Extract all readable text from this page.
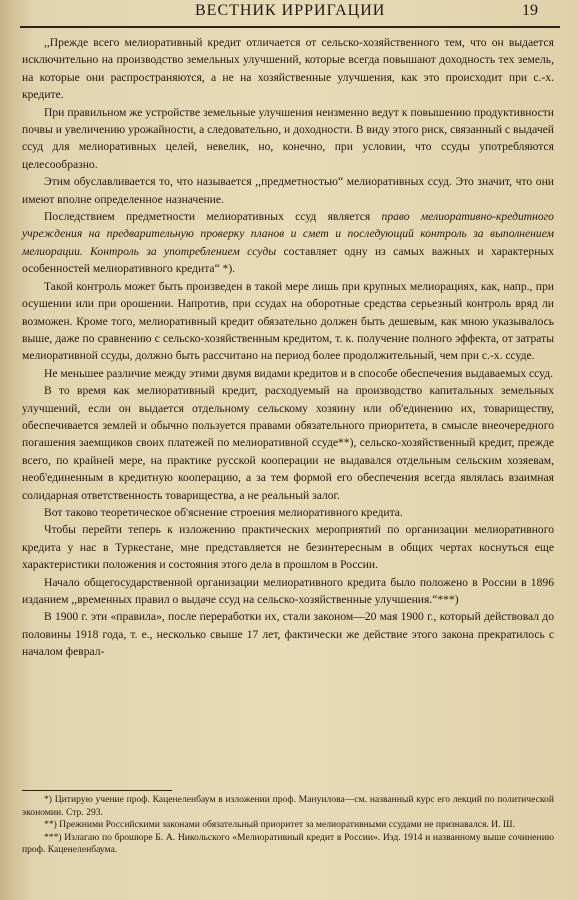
ВЕСТНИК ИРРИГАЦИИ	19

,,Прежде всего мелиоративный кредит отличается от сельско-хозяйственного тем, что он выдается исключительно на производство земельных улучшений, которые всегда повышают доходность тех земель, на которые они распространяются, а не на хозяйственные улучшения, как это происходит при с.-х. кредите.

При правильном же устройстве земельные улучшения неизменно ведут к повышению продуктивности почвы и увеличению урожайности, а следовательно, и доходности. В виду этого риск, связанный с выдачей ссуд для мелиоративных целей, невелик, но, конечно, при условии, что ссуды употребляются целесообразно.

Этим обуславливается то, что называется ,,предметностью“ мелиоративных ссуд. Это значит, что они имеют вполне определенное назначение.

Последствием предметности мелиоративных ссуд является право мелиоративно-кредитного учреждения на предварительную проверку планов и смет и последующий контроль за выполнением мелиорации. Контроль за употреблением ссуды составляет одну из самых важных и характерных особенностей мелиоративного кредита“ *).

Такой контроль может быть произведен в такой мере лишь при крупных мелиорациях, как, напр., при осушении или при орошении. Напротив, при ссудах на оборотные средства серьезный контроль вряд ли возможен. Кроме того, мелиоративный кредит обязательно должен быть дешевым, как мною указывалось выше, даже по сравнению с сельско-хозяйственным кредитом, т. к. получение полного эффекта, от затраты мелиоративной ссуды, должно быть рассчитано на период более продолжительный, чем при с.-х. ссуде.

Не меньшее различие между этими двумя видами кредитов и в способе обеспечения выдаваемых ссуд.

В то время как мелиоративный кредит, расходуемый на производство капитальных земельных улучшений, если он выдается отдельному сельскому хозяину или об'единению их, товариществу, обеспечивается землей и обычно пользуется правами обязательного приоритета, в смысле внеочередного погашения заемщиков своих платежей по мелиоративной ссуде**), сельско-хозяйственный кредит, прежде всего, по крайней мере, на практике русской кооперации не выдавался отдельным сельским хозяевам, необ'единенным в кредитную кооперацию, а за тем формой его обеспечения всегда являлась взаимная солидарная ответственность товарищества, а не реальный залог.

Вот таково теоретическое об'яснение строения мелиоративного кредита.

Чтобы перейти теперь к изложению практических мероприятий по организации мелиоративного кредита у нас в Туркестане, мне представляется не безинтересным в общих чертах коснуться еще характеристики положения и состояния этого дела в прошлом в России.

Начало общегосударственной организации мелиоративного кредита было положено в России в 1896 изданием ,,временных правил о выдаче ссуд на сельско-хозяйственные улучшения.“***)

В 1900 г. эти «правила», после переработки их, стали законом—20 мая 1900 г., который действовал до половины 1918 года, т. е., несколько свыше 17 лет, фактически же действие этого закона прекратилось с началом феврал-

*) Цитирую учение проф. Каценеленбаум в изложении проф. Мануилова—см. названный курс его лекций по политической экономии. Стр. 293.

**) Прежними Российскими законами обязательный приоритет за мелиоративными ссудами не признавался. И. Ш.

***) Излагаю по брошюре Б. А. Никольского «Мелиоративный кредит в России». Изд. 1914 и названному выше сочинению проф. Каценеленбаума.
